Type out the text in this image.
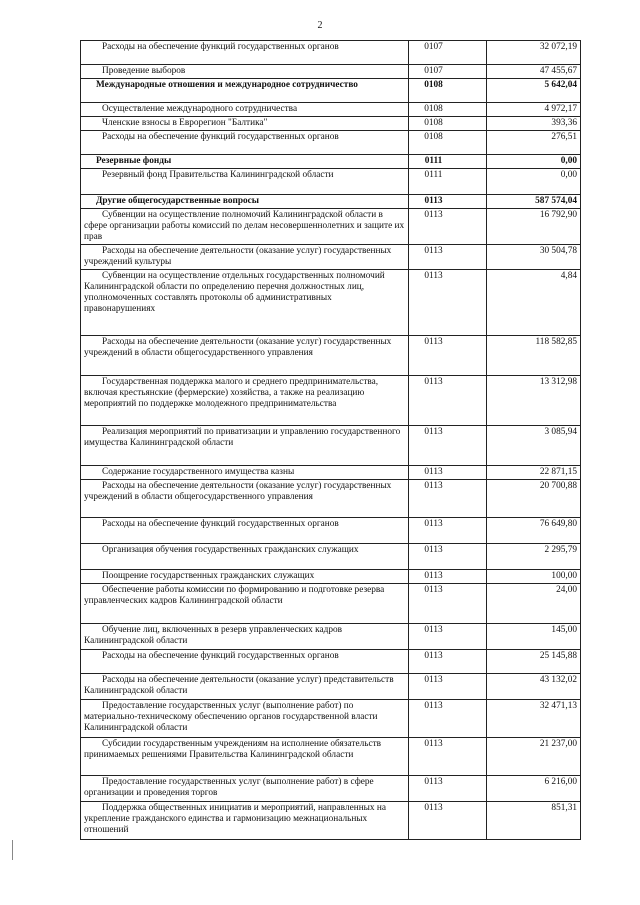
2
Расходы на обеспечение функций государственных органов	0107	32 072,19
Проведение выборов	0107	47 455,67
Международные отношения и международное сотрудничество	0108	5 642,04
Осуществление международного сотрудничества	0108	4 972,17
Членские взносы в Еврорегион "Балтика"	0108	393,36
Расходы на обеспечение функций государственных органов	0108	276,51
Резервные фонды	0111	0,00
Резервный фонд Правительства Калининградской области	0111	0,00
Другие общегосударственные вопросы	0113	587 574,04
Субвенции на осуществление полномочий Калининградской области в сфере организации работы комиссий по делам несовершеннолетних и защите их прав	0113	16 792,90
Расходы на обеспечение деятельности (оказание услуг) государственных учреждений культуры	0113	30 504,78
Субвенции на осуществление отдельных государственных полномочий Калининградской области по определению перечня должностных лиц, уполномоченных составлять протоколы об административных правонарушениях	0113	4,84
Расходы на обеспечение деятельности (оказание услуг) государственных учреждений в области общегосударственного управления	0113	118 582,85
Государственная поддержка малого и среднего предпринимательства, включая крестьянские (фермерские) хозяйства, а также на реализацию мероприятий по поддержке молодежного предпринимательства	0113	13 312,98
Реализация мероприятий по приватизации и управлению государственного имущества Калининградской области	0113	3 085,94
Содержание государственного имущества казны	0113	22 871,15
Расходы на обеспечение деятельности (оказание услуг) государственных учреждений в области общегосударственного управления	0113	20 700,88
Расходы на обеспечение функций государственных органов	0113	76 649,80
Организация обучения государственных гражданских служащих	0113	2 295,79
Поощрение государственных гражданских служащих	0113	100,00
Обеспечение работы комиссии по формированию и подготовке резерва управленческих кадров Калининградской области	0113	24,00
Обучение лиц, включенных в резерв управленческих кадров Калининградской области	0113	145,00
Расходы на обеспечение функций государственных органов	0113	25 145,88
Расходы на обеспечение деятельности (оказание услуг) представительств Калининградской области	0113	43 132,02
Предоставление государственных услуг (выполнение работ) по материально-техническому обеспечению органов государственной власти Калининградской области	0113	32 471,13
Субсидии государственным учреждениям на исполнение обязательств принимаемых решениями Правительства Калининградской области	0113	21 237,00
Предоставление государственных услуг (выполнение работ) в сфере организации и проведения торгов	0113	6 216,00
Поддержка общественных инициатив и мероприятий, направленных на укрепление гражданского единства и гармонизацию межнациональных отношений	0113	851,31
